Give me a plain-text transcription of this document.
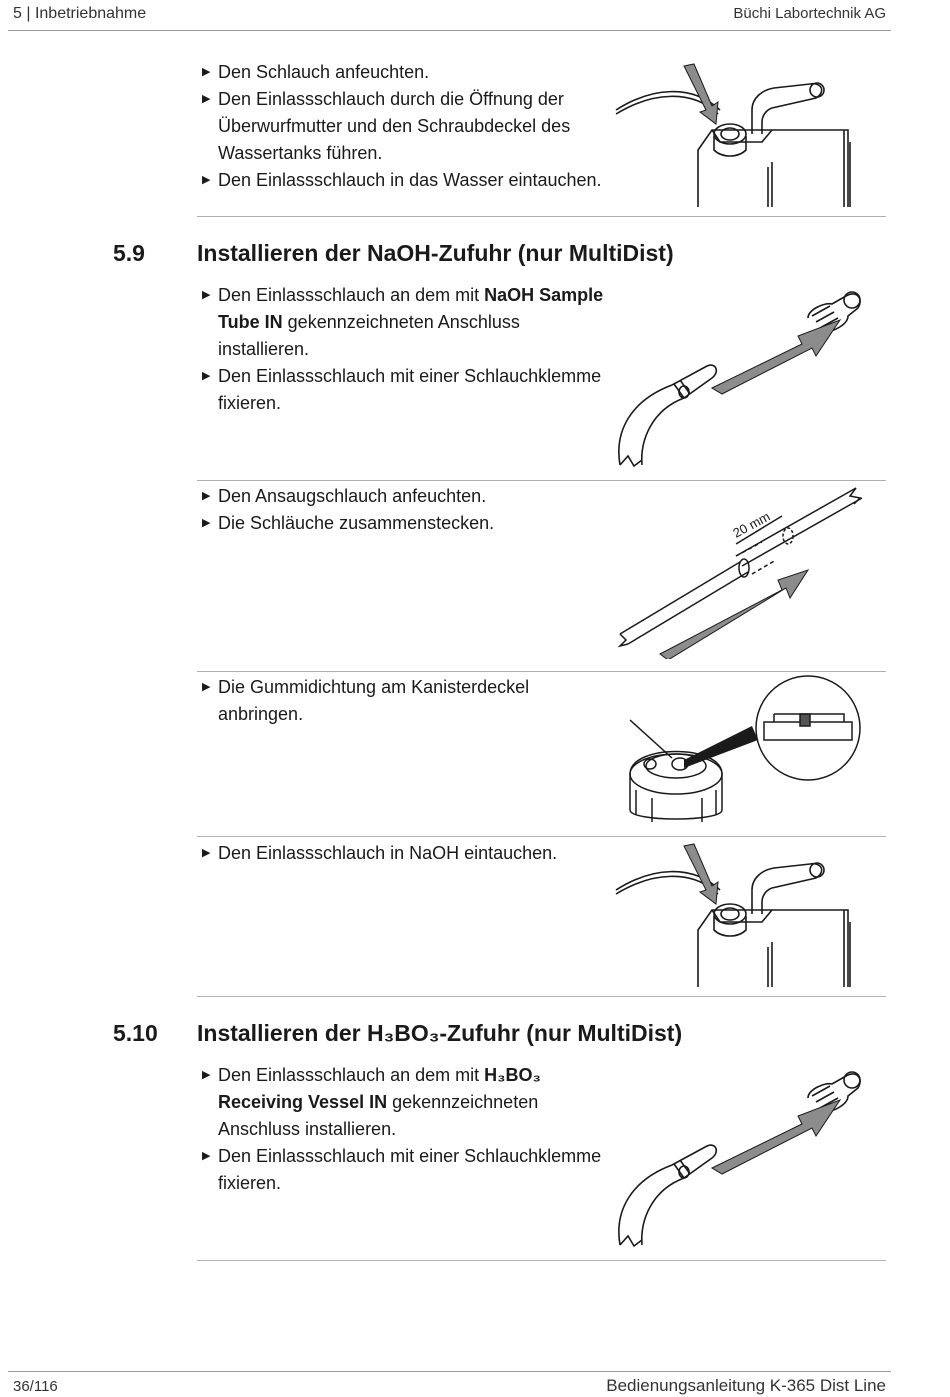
5 | Inbetriebnahme	Büchi Labortechnik AG
▶ Den Schlauch anfeuchten.
▶ Den Einlassschlauch durch die Öffnung der Überwurfmutter und den Schraubdeckel des Wassertanks führen.
▶ Den Einlassschlauch in das Wasser eintauchen.
5.9 Installieren der NaOH-Zufuhr (nur MultiDist)
▶ Den Einlassschlauch an dem mit NaOH Sample Tube IN gekennzeichneten Anschluss installieren.
▶ Den Einlassschlauch mit einer Schlauchklemme fixieren.
▶ Den Ansaugschlauch anfeuchten.
▶ Die Schläuche zusammenstecken.	20 mm
▶ Die Gummidichtung am Kanisterdeckel anbringen.
▶ Den Einlassschlauch in NaOH eintauchen.
5.10 Installieren der H₃BO₃-Zufuhr (nur MultiDist)
▶ Den Einlassschlauch an dem mit H₃BO₃ Receiving Vessel IN gekennzeichneten Anschluss installieren.
▶ Den Einlassschlauch mit einer Schlauchklemme fixieren.
36/116	Bedienungsanleitung K-365 Dist Line
